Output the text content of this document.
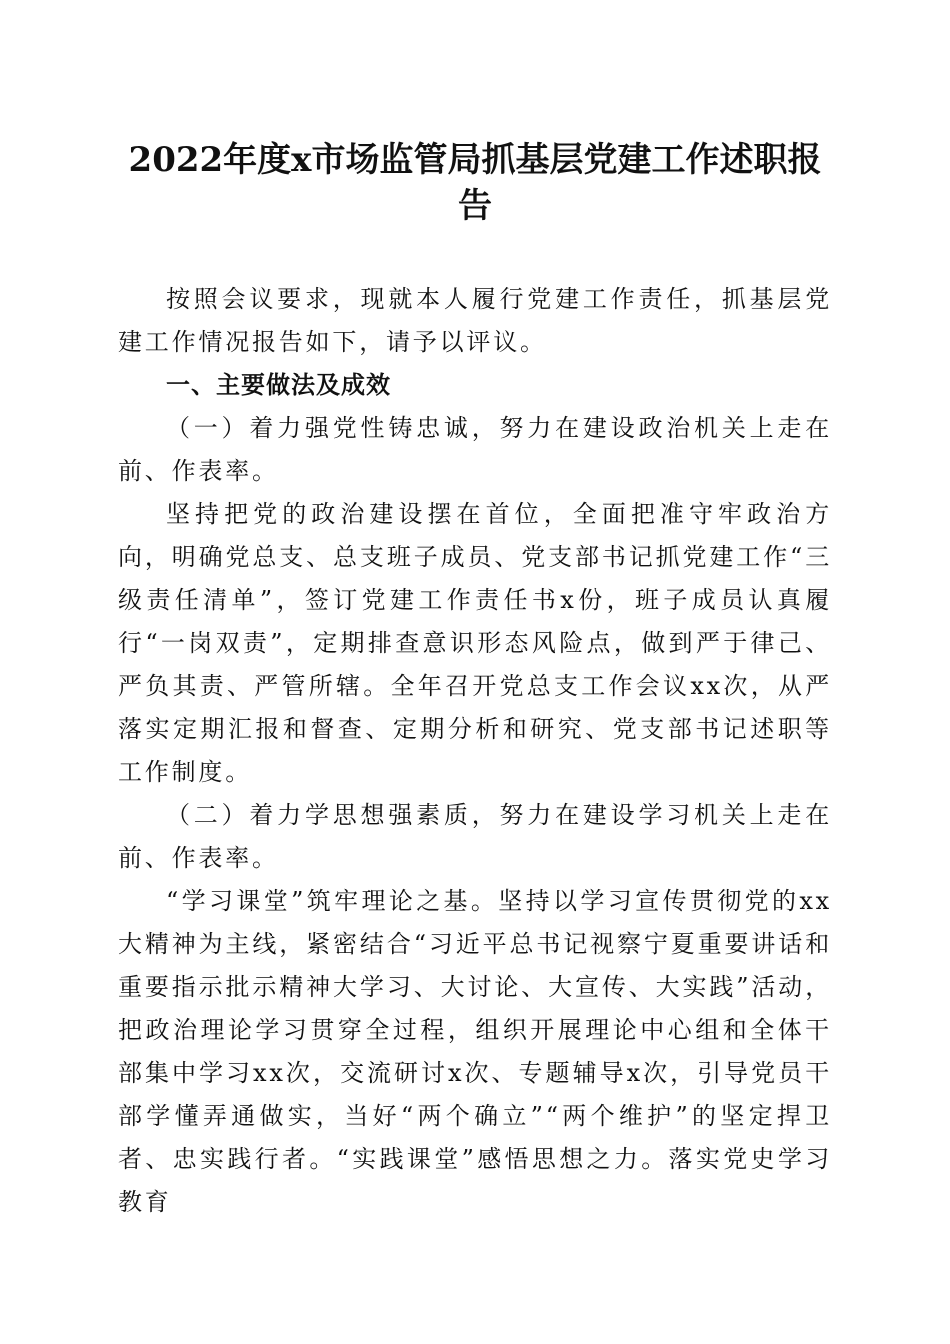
2022年度x市场监管局抓基层党建工作述职报告

按照会议要求，现就本人履行党建工作责任，抓基层党建工作情况报告如下，请予以评议。

一、主要做法及成效

（一）着力强党性铸忠诚，努力在建设政治机关上走在前、作表率。

坚持把党的政治建设摆在首位，全面把准守牢政治方向，明确党总支、总支班子成员、党支部书记抓党建工作“三级责任清单”，签订党建工作责任书x份，班子成员认真履行“一岗双责”，定期排查意识形态风险点，做到严于律己、严负其责、严管所辖。全年召开党总支工作会议xx次，从严落实定期汇报和督查、定期分析和研究、党支部书记述职等工作制度。

（二）着力学思想强素质，努力在建设学习机关上走在前、作表率。

“学习课堂”筑牢理论之基。坚持以学习宣传贯彻党的xx大精神为主线，紧密结合“习近平总书记视察宁夏重要讲话和重要指示批示精神大学习、大讨论、大宣传、大实践”活动，把政治理论学习贯穿全过程，组织开展理论中心组和全体干部集中学习xx次，交流研讨x次、专题辅导x次，引导党员干部学懂弄通做实，当好“两个确立”“两个维护”的坚定捍卫者、忠实践行者。“实践课堂”感悟思想之力。落实党史学习教育
